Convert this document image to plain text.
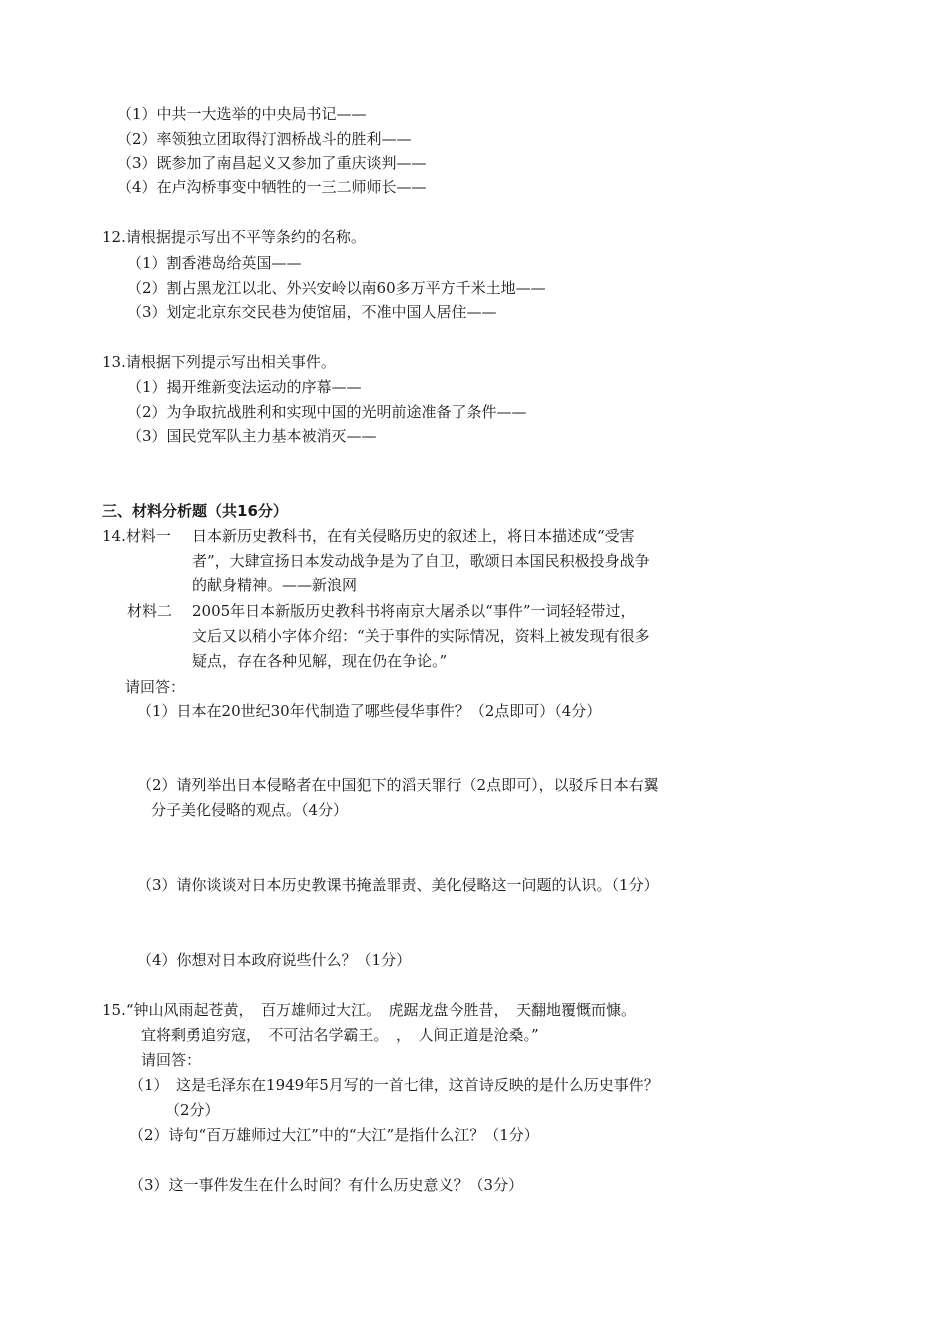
（1）中共一大选举的中央局书记——
（2）率领独立团取得汀泗桥战斗的胜利——
（3）既参加了南昌起义又参加了重庆谈判——
（4）在卢沟桥事变中牺牲的一三二师师长——
12.请根据提示写出不平等条约的名称。
（1）割香港岛给英国——
（2）割占黑龙江以北、外兴安岭以南60多万平方千米土地——
（3）划定北京东交民巷为使馆届，不准中国人居住——
13.请根据下列提示写出相关事件。
（1）揭开维新变法运动的序幕——
（2）为争取抗战胜利和实现中国的光明前途准备了条件——
（3）国民党军队主力基本被消灭——
三、材料分析题（共16分）
14.材料一 日本新历史教科书，在有关侵略历史的叙述上，将日本描述成“受害
者”，大肆宣扬日本发动战争是为了自卫，歌颂日本国民积极投身战争
的献身精神。——新浪网
材料二 2005年日本新版历史教科书将南京大屠杀以“事件”一词轻轻带过，
文后又以稍小字体介绍：“关于事件的实际情况，资料上被发现有很多
疑点，存在各种见解，现在仍在争论。”
请回答：
（1）日本在20世纪30年代制造了哪些侵华事件？（2点即可）（4分）
（2）请列举出日本侵略者在中国犯下的滔天罪行（2点即可），以驳斥日本右翼
分子美化侵略的观点。（4分）
（3）请你谈谈对日本历史教课书掩盖罪责、美化侵略这一问题的认识。（1分）
（4）你想对日本政府说些什么？（1分）
15.“钟山风雨起苍黄，　百万雄师过大江。　虎踞龙盘今胜昔，　天翻地覆慨而慷。
宜将剩勇追穷寇，　不可沽名学霸王。　，　人间正道是沧桑。”
请回答：
（1）　这是毛泽东在1949年5月写的一首七律，这首诗反映的是什么历史事件？
（2分）
（2）诗句“百万雄师过大江”中的“大江”是指什么江？（1分）
（3）这一事件发生在什么时间？有什么历史意义？（3分）
